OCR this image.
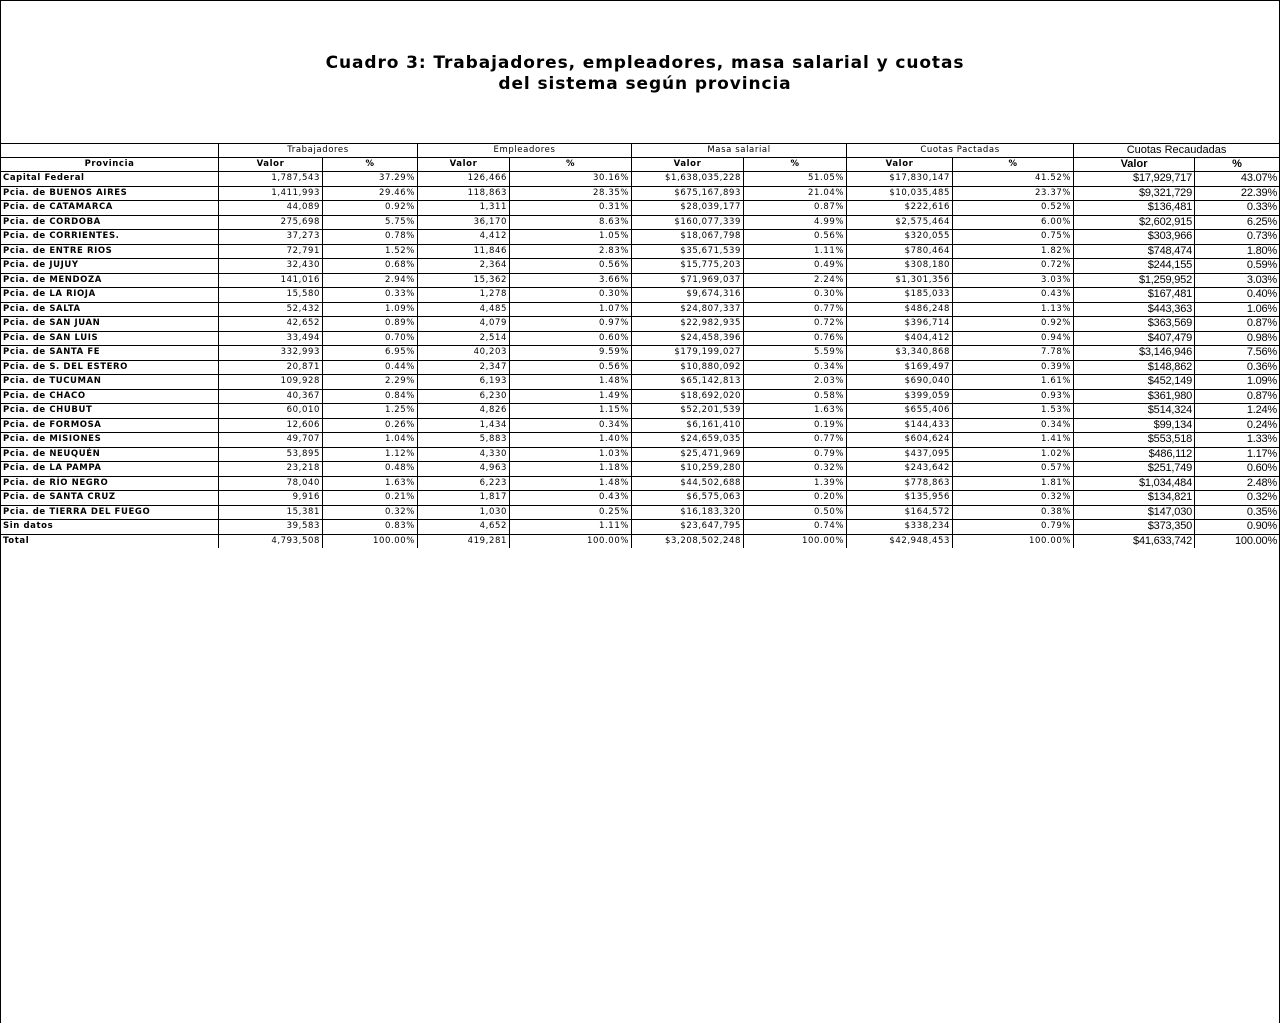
Cuadro 3: Trabajadores, empleadores, masa salarial y cuotas
del sistema según provincia
	Trabajadores		Empleadores		Masa salarial		Cuotas Pactadas		Cuotas Recaudadas	
Provincia	Valor	%	Valor	%	Valor	%	Valor	%	Valor	%
Capital Federal	1,787,543	37.29%	126,466	30.16%	$1,638,035,228	51.05%	$17,830,147	41.52%	$17,929,717	43.07%
Pcia. de BUENOS AIRES	1,411,993	29.46%	118,863	28.35%	$675,167,893	21.04%	$10,035,485	23.37%	$9,321,729	22.39%
Pcia. de CATAMARCA	44,089	0.92%	1,311	0.31%	$28,039,177	0.87%	$222,616	0.52%	$136,481	0.33%
Pcia. de CORDOBA	275,698	5.75%	36,170	8.63%	$160,077,339	4.99%	$2,575,464	6.00%	$2,602,915	6.25%
Pcia. de CORRIENTES.	37,273	0.78%	4,412	1.05%	$18,067,798	0.56%	$320,055	0.75%	$303,966	0.73%
Pcia. de ENTRE RIOS	72,791	1.52%	11,846	2.83%	$35,671,539	1.11%	$780,464	1.82%	$748,474	1.80%
Pcia. de JUJUY	32,430	0.68%	2,364	0.56%	$15,775,203	0.49%	$308,180	0.72%	$244,155	0.59%
Pcia. de MENDOZA	141,016	2.94%	15,362	3.66%	$71,969,037	2.24%	$1,301,356	3.03%	$1,259,952	3.03%
Pcia. de LA RIOJA	15,580	0.33%	1,278	0.30%	$9,674,316	0.30%	$185,033	0.43%	$167,481	0.40%
Pcia. de SALTA	52,432	1.09%	4,485	1.07%	$24,807,337	0.77%	$486,248	1.13%	$443,363	1.06%
Pcia. de SAN JUAN	42,652	0.89%	4,079	0.97%	$22,982,935	0.72%	$396,714	0.92%	$363,569	0.87%
Pcia. de SAN LUIS	33,494	0.70%	2,514	0.60%	$24,458,396	0.76%	$404,412	0.94%	$407,479	0.98%
Pcia. de SANTA FE	332,993	6.95%	40,203	9.59%	$179,199,027	5.59%	$3,340,868	7.78%	$3,146,946	7.56%
Pcia. de S. DEL ESTERO	20,871	0.44%	2,347	0.56%	$10,880,092	0.34%	$169,497	0.39%	$148,862	0.36%
Pcia. de TUCUMAN	109,928	2.29%	6,193	1.48%	$65,142,813	2.03%	$690,040	1.61%	$452,149	1.09%
Pcia. de CHACO	40,367	0.84%	6,230	1.49%	$18,692,020	0.58%	$399,059	0.93%	$361,980	0.87%
Pcia. de CHUBUT	60,010	1.25%	4,826	1.15%	$52,201,539	1.63%	$655,406	1.53%	$514,324	1.24%
Pcia. de FORMOSA	12,606	0.26%	1,434	0.34%	$6,161,410	0.19%	$144,433	0.34%	$99,134	0.24%
Pcia. de MISIONES	49,707	1.04%	5,883	1.40%	$24,659,035	0.77%	$604,624	1.41%	$553,518	1.33%
Pcia. de NEUQUÉN	53,895	1.12%	4,330	1.03%	$25,471,969	0.79%	$437,095	1.02%	$486,112	1.17%
Pcia. de LA PAMPA	23,218	0.48%	4,963	1.18%	$10,259,280	0.32%	$243,642	0.57%	$251,749	0.60%
Pcia. de RÍO NEGRO	78,040	1.63%	6,223	1.48%	$44,502,688	1.39%	$778,863	1.81%	$1,034,484	2.48%
Pcia. de SANTA CRUZ	9,916	0.21%	1,817	0.43%	$6,575,063	0.20%	$135,956	0.32%	$134,821	0.32%
Pcia. de TIERRA DEL FUEGO	15,381	0.32%	1,030	0.25%	$16,183,320	0.50%	$164,572	0.38%	$147,030	0.35%
Sin datos	39,583	0.83%	4,652	1.11%	$23,647,795	0.74%	$338,234	0.79%	$373,350	0.90%
Total	4,793,508	100.00%	419,281	100.00%	$3,208,502,248	100.00%	$42,948,453	100.00%	$41,633,742	100.00%
